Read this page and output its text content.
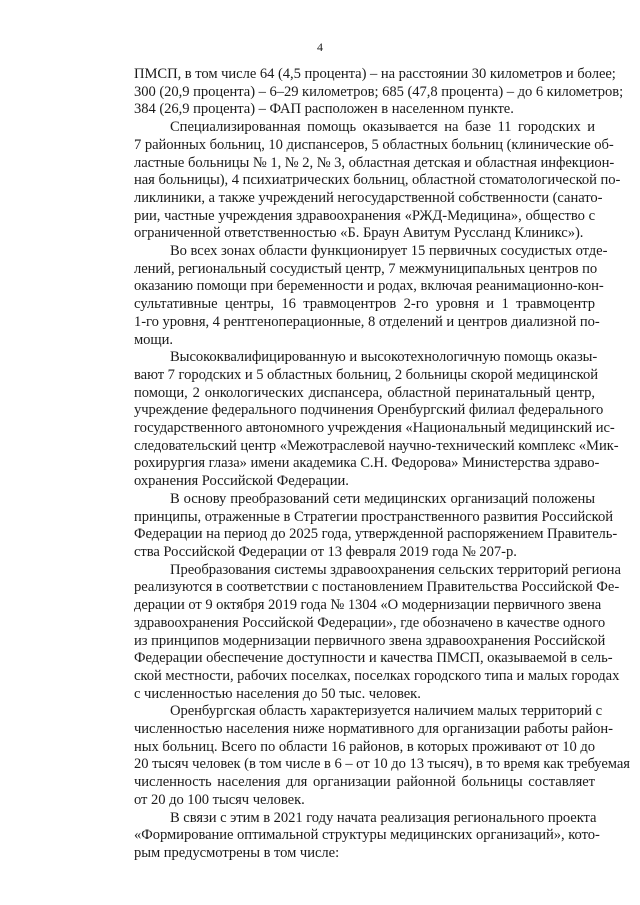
4
ПМСП, в том числе 64 (4,5 процента) – на расстоянии 30 километров и более;
300 (20,9 процента) – 6–29 километров; 685 (47,8 процента) – до 6 километров;
384 (26,9 процента) – ФАП расположен в населенном пункте.
Специализированная помощь оказывается на базе 11 городских и
7 районных больниц, 10 диспансеров, 5 областных больниц (клинические об-
ластные больницы № 1, № 2, № 3, областная детская и областная инфекцион-
ная больницы), 4 психиатрических больниц, областной стоматологической по-
ликлиники, а также учреждений негосударственной собственности (санато-
рии, частные учреждения здравоохранения «РЖД-Медицина», общество с
ограниченной ответственностью «Б. Браун Авитум Руссланд Клиникс»).
Во всех зонах области функционирует 15 первичных сосудистых отде-
лений, региональный сосудистый центр, 7 межмуниципальных центров по
оказанию помощи при беременности и родах, включая реанимационно-кон-
сультативные центры, 16 травмоцентров 2-го уровня и 1 травмоцентр
1-го уровня, 4 рентгеноперационные, 8 отделений и центров диализной по-
мощи.
Высококвалифицированную и высокотехнологичную помощь оказы-
вают 7 городских и 5 областных больниц, 2 больницы скорой медицинской
помощи, 2 онкологических диспансера, областной перинатальный центр,
учреждение федерального подчинения Оренбургский филиал федерального
государственного автономного учреждения «Национальный медицинский ис-
следовательский центр «Межотраслевой научно-технический комплекс «Мик-
рохирургия глаза» имени академика С.Н. Федорова» Министерства здраво-
охранения Российской Федерации.
В основу преобразований сети медицинских организаций положены
принципы, отраженные в Стратегии пространственного развития Российской
Федерации на период до 2025 года, утвержденной распоряжением Правитель-
ства Российской Федерации от 13 февраля 2019 года № 207-р.
Преобразования системы здравоохранения сельских территорий региона
реализуются в соответствии с постановлением Правительства Российской Фе-
дерации от 9 октября 2019 года № 1304 «О модернизации первичного звена
здравоохранения Российской Федерации», где обозначено в качестве одного
из принципов модернизации первичного звена здравоохранения Российской
Федерации обеспечение доступности и качества ПМСП, оказываемой в сель-
ской местности, рабочих поселках, поселках городского типа и малых городах
с численностью населения до 50 тыс. человек.
Оренбургская область характеризуется наличием малых территорий с
численностью населения ниже нормативного для организации работы район-
ных больниц. Всего по области 16 районов, в которых проживают от 10 до
20 тысяч человек (в том числе в 6 – от 10 до 13 тысяч), в то время как требуемая
численность населения для организации районной больницы составляет
от 20 до 100 тысяч человек.
В связи с этим в 2021 году начата реализация регионального проекта
«Формирование оптимальной структуры медицинских организаций», кото-
рым предусмотрены в том числе:
